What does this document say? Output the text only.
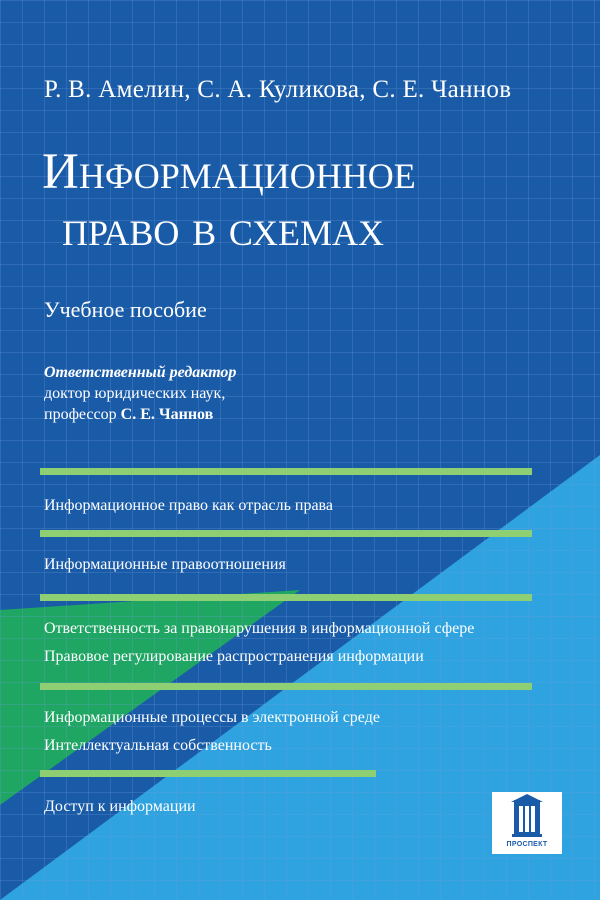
Р. В. Амелин, С. А. Куликова, С. Е. Чаннов
Информационное
право в схемах
Учебное пособие
Ответственный редактор
доктор юридических наук,
профессор С. Е. Чаннов
Информационное право как отрасль права
Информационные правоотношения
Ответственность за правонарушения в информационной сфере
Правовое регулирование распространения информации
Информационные процессы в электронной среде
Интеллектуальная собственность
Доступ к информации
ПРОСПЕКТ
